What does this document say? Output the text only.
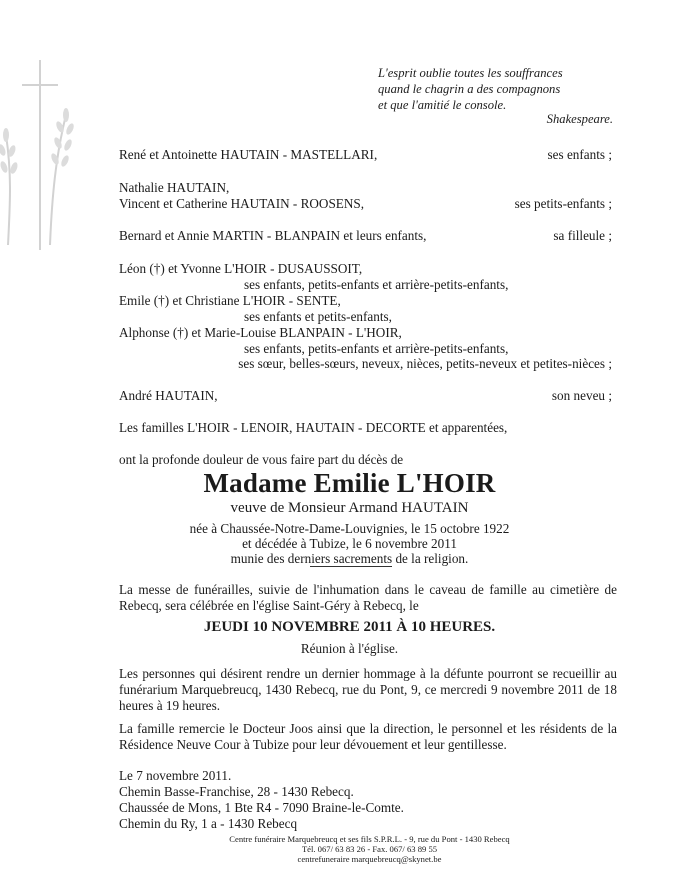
L'esprit oublie toutes les souffrances
quand le chagrin a des compagnons
et que l'amitié le console.
Shakespeare.
René et Antoinette HAUTAIN - MASTELLARI,	ses enfants ;
Nathalie HAUTAIN,
Vincent et Catherine HAUTAIN - ROOSENS,	ses petits-enfants ;
Bernard et Annie MARTIN - BLANPAIN et leurs enfants,	sa filleule ;
Léon (†) et Yvonne L'HOIR - DUSAUSSOIT,
ses enfants, petits-enfants et arrière-petits-enfants,
Emile (†) et Christiane L'HOIR - SENTE,
ses enfants et petits-enfants,
Alphonse (†) et Marie-Louise BLANPAIN - L'HOIR,
ses enfants, petits-enfants et arrière-petits-enfants,
ses sœur, belles-sœurs, neveux, nièces, petits-neveux et petites-nièces ;
André HAUTAIN,	son neveu ;
Les familles L'HOIR - LENOIR, HAUTAIN - DECORTE et apparentées,
ont la profonde douleur de vous faire part du décès de
Madame Emilie L'HOIR
veuve de Monsieur Armand HAUTAIN
née à Chaussée-Notre-Dame-Louvignies, le 15 octobre 1922
et décédée à Tubize, le 6 novembre 2011
munie des derniers sacrements de la religion.
La messe de funérailles, suivie de l'inhumation dans le caveau de famille au cimetière de Rebecq, sera célébrée en l'église Saint-Géry à Rebecq, le
JEUDI 10 NOVEMBRE 2011 À 10 HEURES.
Réunion à l'église.
Les personnes qui désirent rendre un dernier hommage à la défunte pourront se recueillir au funérarium Marquebreucq, 1430 Rebecq, rue du Pont, 9, ce mercredi 9 novembre 2011 de 18 heures à 19 heures.
La famille remercie le Docteur Joos ainsi que la direction, le personnel et les résidents de la Résidence Neuve Cour à Tubize pour leur dévouement et leur gentillesse.
Le 7 novembre 2011.
Chemin Basse-Franchise, 28 - 1430 Rebecq.
Chaussée de Mons, 1 Bte R4 - 7090 Braine-le-Comte.
Chemin du Ry, 1 a - 1430 Rebecq
Centre funéraire Marquebreucq et ses fils S.P.R.L. - 9, rue du Pont - 1430 Rebecq
Tél. 067/ 63 83 26 - Fax. 067/ 63 89 55
centrefuneraire marquebreucq@skynet.be
